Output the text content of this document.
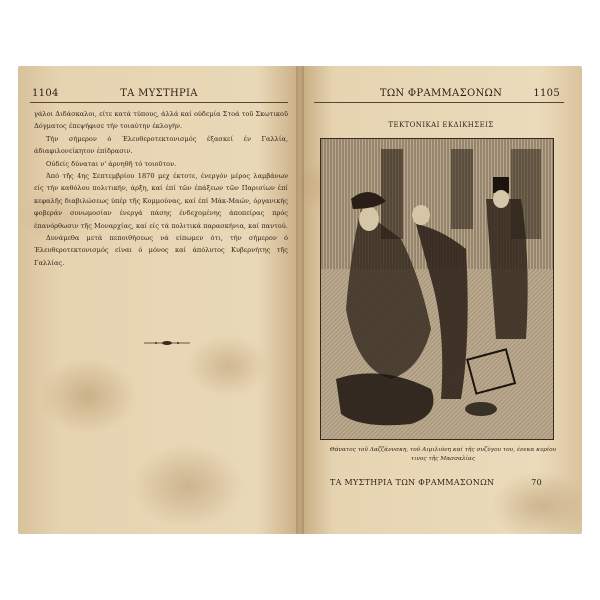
1104	ΤΑ ΜΥΣΤΗΡΙΑ

γάλοι Διδάσκαλοι, είτε κατά τύπους, άλλά καί ούδεμία Στοά τοῦ Σκωτικοῦ Δόγματος έπεψήφισε τήν τοιαύτην έκλογήν.

Τήν σήμερον ό Έλευθεροτεκτονισμός έξασκεί έν Γαλλία, άδιαφιλονείκητον έπίδρασιν.

Ούδείς δύναται ν' άρνηθῆ τό τοιοῦτον.

Άπό τῆς 4ης Σεπτεμβρίου 1870 μεχ έκτοτε, ένεργόν μέρος λαμβάνων είς τήν καθόλου πολιτικήν, άρξη, καί έπί τῶν έπάξεων τῶν Παρισίων έπί κεφαλῆς διαβιλώσεως ύπέρ τῆς Κομμούνας, καί έπί Μάκ-Μαών, όργανικής φοβεράν συνωμοσίαν ένεργά πάσης ένδεχομένης άποπείρας πρός έπανόρθωσιν τῆς Μοναρχίας, καί είς τά πολιτικά παρασκήνια, καί παντού.

Δυνάμεθα μετά πεποιθήσεως νά είπωμεν ότι, τήν σήμερον ό Έλευθεροτεκτονισμός είναι ό μόνος καί άπόλυτος Κυβερνήτης τῆς Γαλλίας.

ΤΩΝ ΦΡΑΜΜΑΣΟΝΩΝ	1105
ΤΕΚΤΟΝΙΚΑΙ ΕΚΔΙΚΗΣΕΙΣ
Θάνατος τοῦ Λαζζάννσκη, τοῦ Αιμιλιόνη καί τῆς συζύγου του, ένεκα κυρίου τινος τῆς Μασσαλίας
ΤΑ ΜΥΣΤΗΡΙΑ ΤΩΝ ΦΡΑΜΜΑΣΟΝΩΝ	70
